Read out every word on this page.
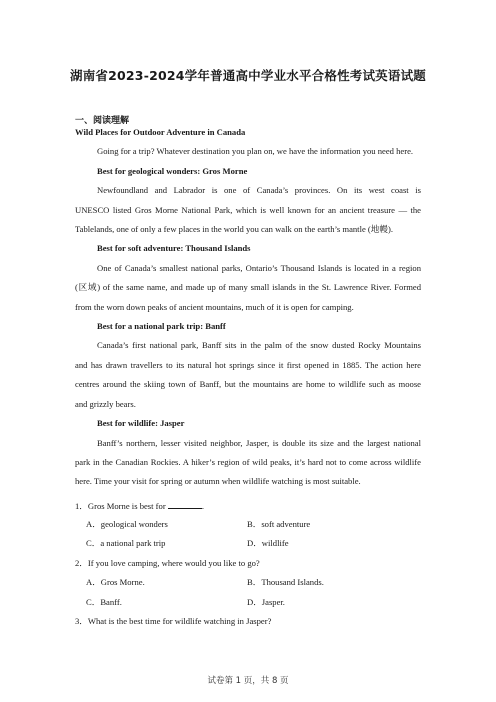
湖南省2023-2024学年普通高中学业水平合格性考试英语试题
一、阅读理解

Wild Places for Outdoor Adventure in Canada

Going for a trip? Whatever destination you plan on, we have the information you need here.

Best for geological wonders: Gros Morne

Newfoundland and Labrador is one of Canada’s provinces. On its west coast is

UNESCO listed Gros Morne National Park, which is well known for an ancient treasure — the

Tablelands, one of only a few places in the world you can walk on the earth’s mantle (地幔).

Best for soft adventure: Thousand Islands

One of Canada’s smallest national parks, Ontario’s Thousand Islands is located in a region

(区域) of the same name, and made up of many small islands in the St. Lawrence River. Formed

from the worn down peaks of ancient mountains, much of it is open for camping.

Best for a national park trip: Banff

Canada’s first national park, Banff sits in the palm of the snow dusted Rocky Mountains

and has drawn travellers to its natural hot springs since it first opened in 1885. The action here

centres around the skiing town of Banff, but the mountains are home to wildlife such as moose

and grizzly bears.

Best for wildlife: Jasper

Banff’s northern, lesser visited neighbor, Jasper, is double its size and the largest national

park in the Canadian Rockies. A hiker’s region of wild peaks, it’s hard not to come across wildlife

here. Time your visit for spring or autumn when wildlife watching is most suitable.

1．Gros Morne is best for	.
A．geological wonders	B．soft adventure
C．a national park trip	D．wildlife
2．If you love camping, where would you like to go?
A．Gros Morne.	B．Thousand Islands.
C．Banff.	D．Jasper.
3．What is the best time for wildlife watching in Jasper?
试卷第 1 页，共 8 页
